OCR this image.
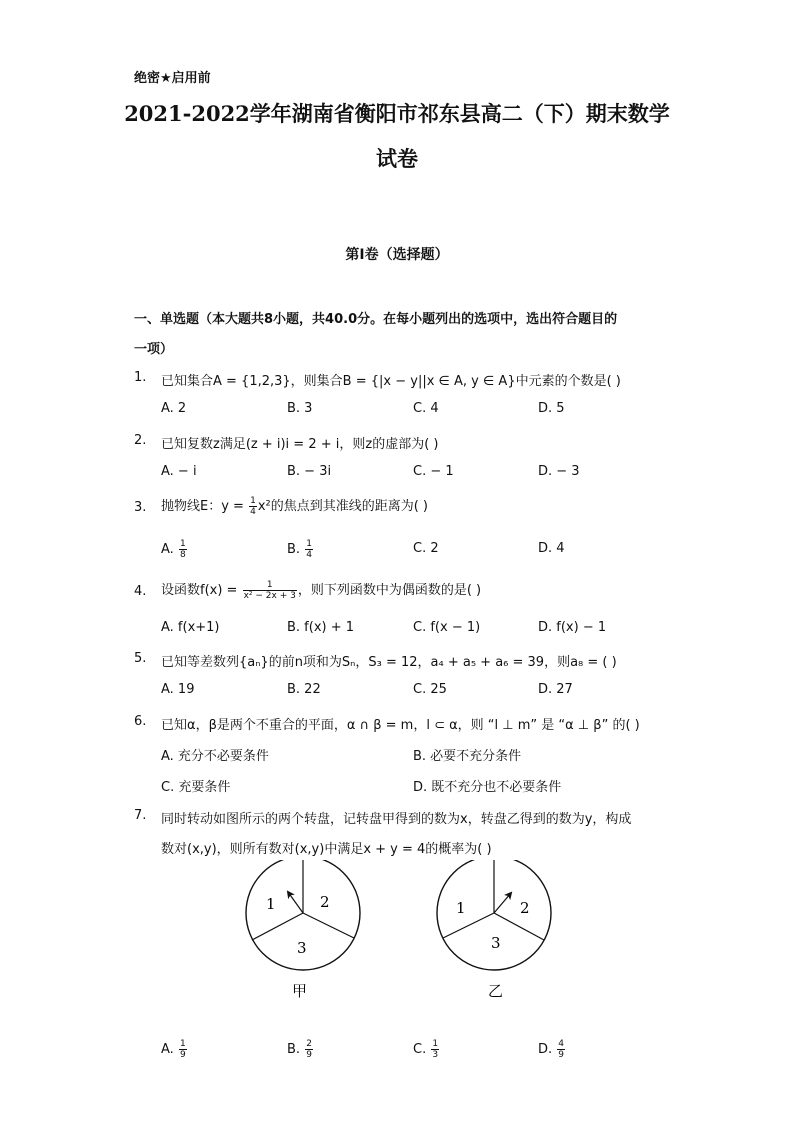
绝密★启用前
2021-2022学年湖南省衡阳市祁东县高二（下）期末数学
试卷
第I卷（选择题）
一、单选题（本大题共8小题，共40.0分。在每小题列出的选项中，选出符合题目的
一项）
1. 已知集合A = {1,2,3}，则集合B = {|x − y||x ∈ A, y ∈ A}中元素的个数是( )
A. 2	B. 3	C. 4	D. 5
2. 已知复数z满足(z + i)i = 2 + i，则z的虚部为( )
A. − i	B. − 3i	C. − 1	D. − 3
3. 抛物线E：$y = \frac{1}{4} x^2$的焦点到其准线的距离为( )
A. $\frac{1}{8}$	B. $\frac{1}{4}$	C. 2	D. 4
4. 设函数$f(x) = \frac{1}{\text{x² − 2x + 3}}$ ，则下列函数中为偶函数的是( )
A. f(x+1)	B. f(x) + 1	C. f(x − 1)	D. f(x) − 1
5. 已知等差数列{aₙ}的前n项和为Sₙ，S₃ = 12，a₄ + a₅ + a₆ = 39，则a₈ = ( )
A. 19	B. 22	C. 25	D. 27
6. 已知α，β是两个不重合的平面，α ∩ β = m，l ⊂ α，则 “l ⊥ m” 是 “α ⊥ β” 的( )
A. 充分不必要条件	B. 必要不充分条件
C. 充要条件	D. 既不充分也不必要条件
7. 同时转动如图所示的两个转盘，记转盘甲得到的数为x，转盘乙得到的数为y，构成
数对(x,y)，则所有数对(x,y)中满足x + y = 4的概率为( )
1	2
3
甲
1	2
3
乙
A. $\frac{1}{9}$	B. $\frac{2}{9}$	C. $\frac{1}{3}$	D. $\frac{4}{9}$
